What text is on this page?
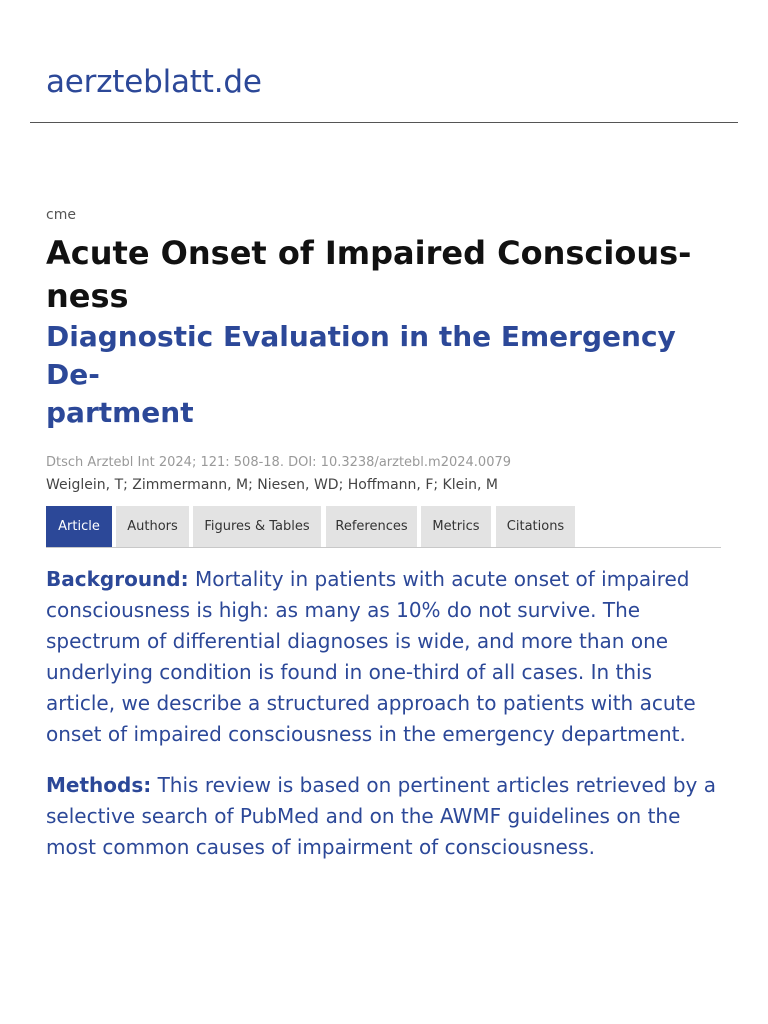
aerzteblatt.de
cme
Acute Onset of Impaired Conscious-
ness
Diagnostic Evaluation in the Emergency De-
partment
Dtsch Arztebl Int 2024; 121: 508-18. DOI: 10.3238/arztebl.m2024.0079
Weiglein, T; Zimmermann, M; Niesen, WD; Hoffmann, F; Klein, M
Article	Authors	Figures & Tables	References	Metrics	Citations

Background: Mortality in patients with acute onset of impaired consciousness is high: as many as 10% do not survive. The spectrum of differential diagnoses is wide, and more than one underlying condition is found in one-third of all cases. In this article, we describe a structured approach to patients with acute onset of impaired consciousness in the emergency department.

Methods: This review is based on pertinent articles retrieved by a selective search of PubMed and on the AWMF guidelines on the most common causes of impairment of consciousness.
